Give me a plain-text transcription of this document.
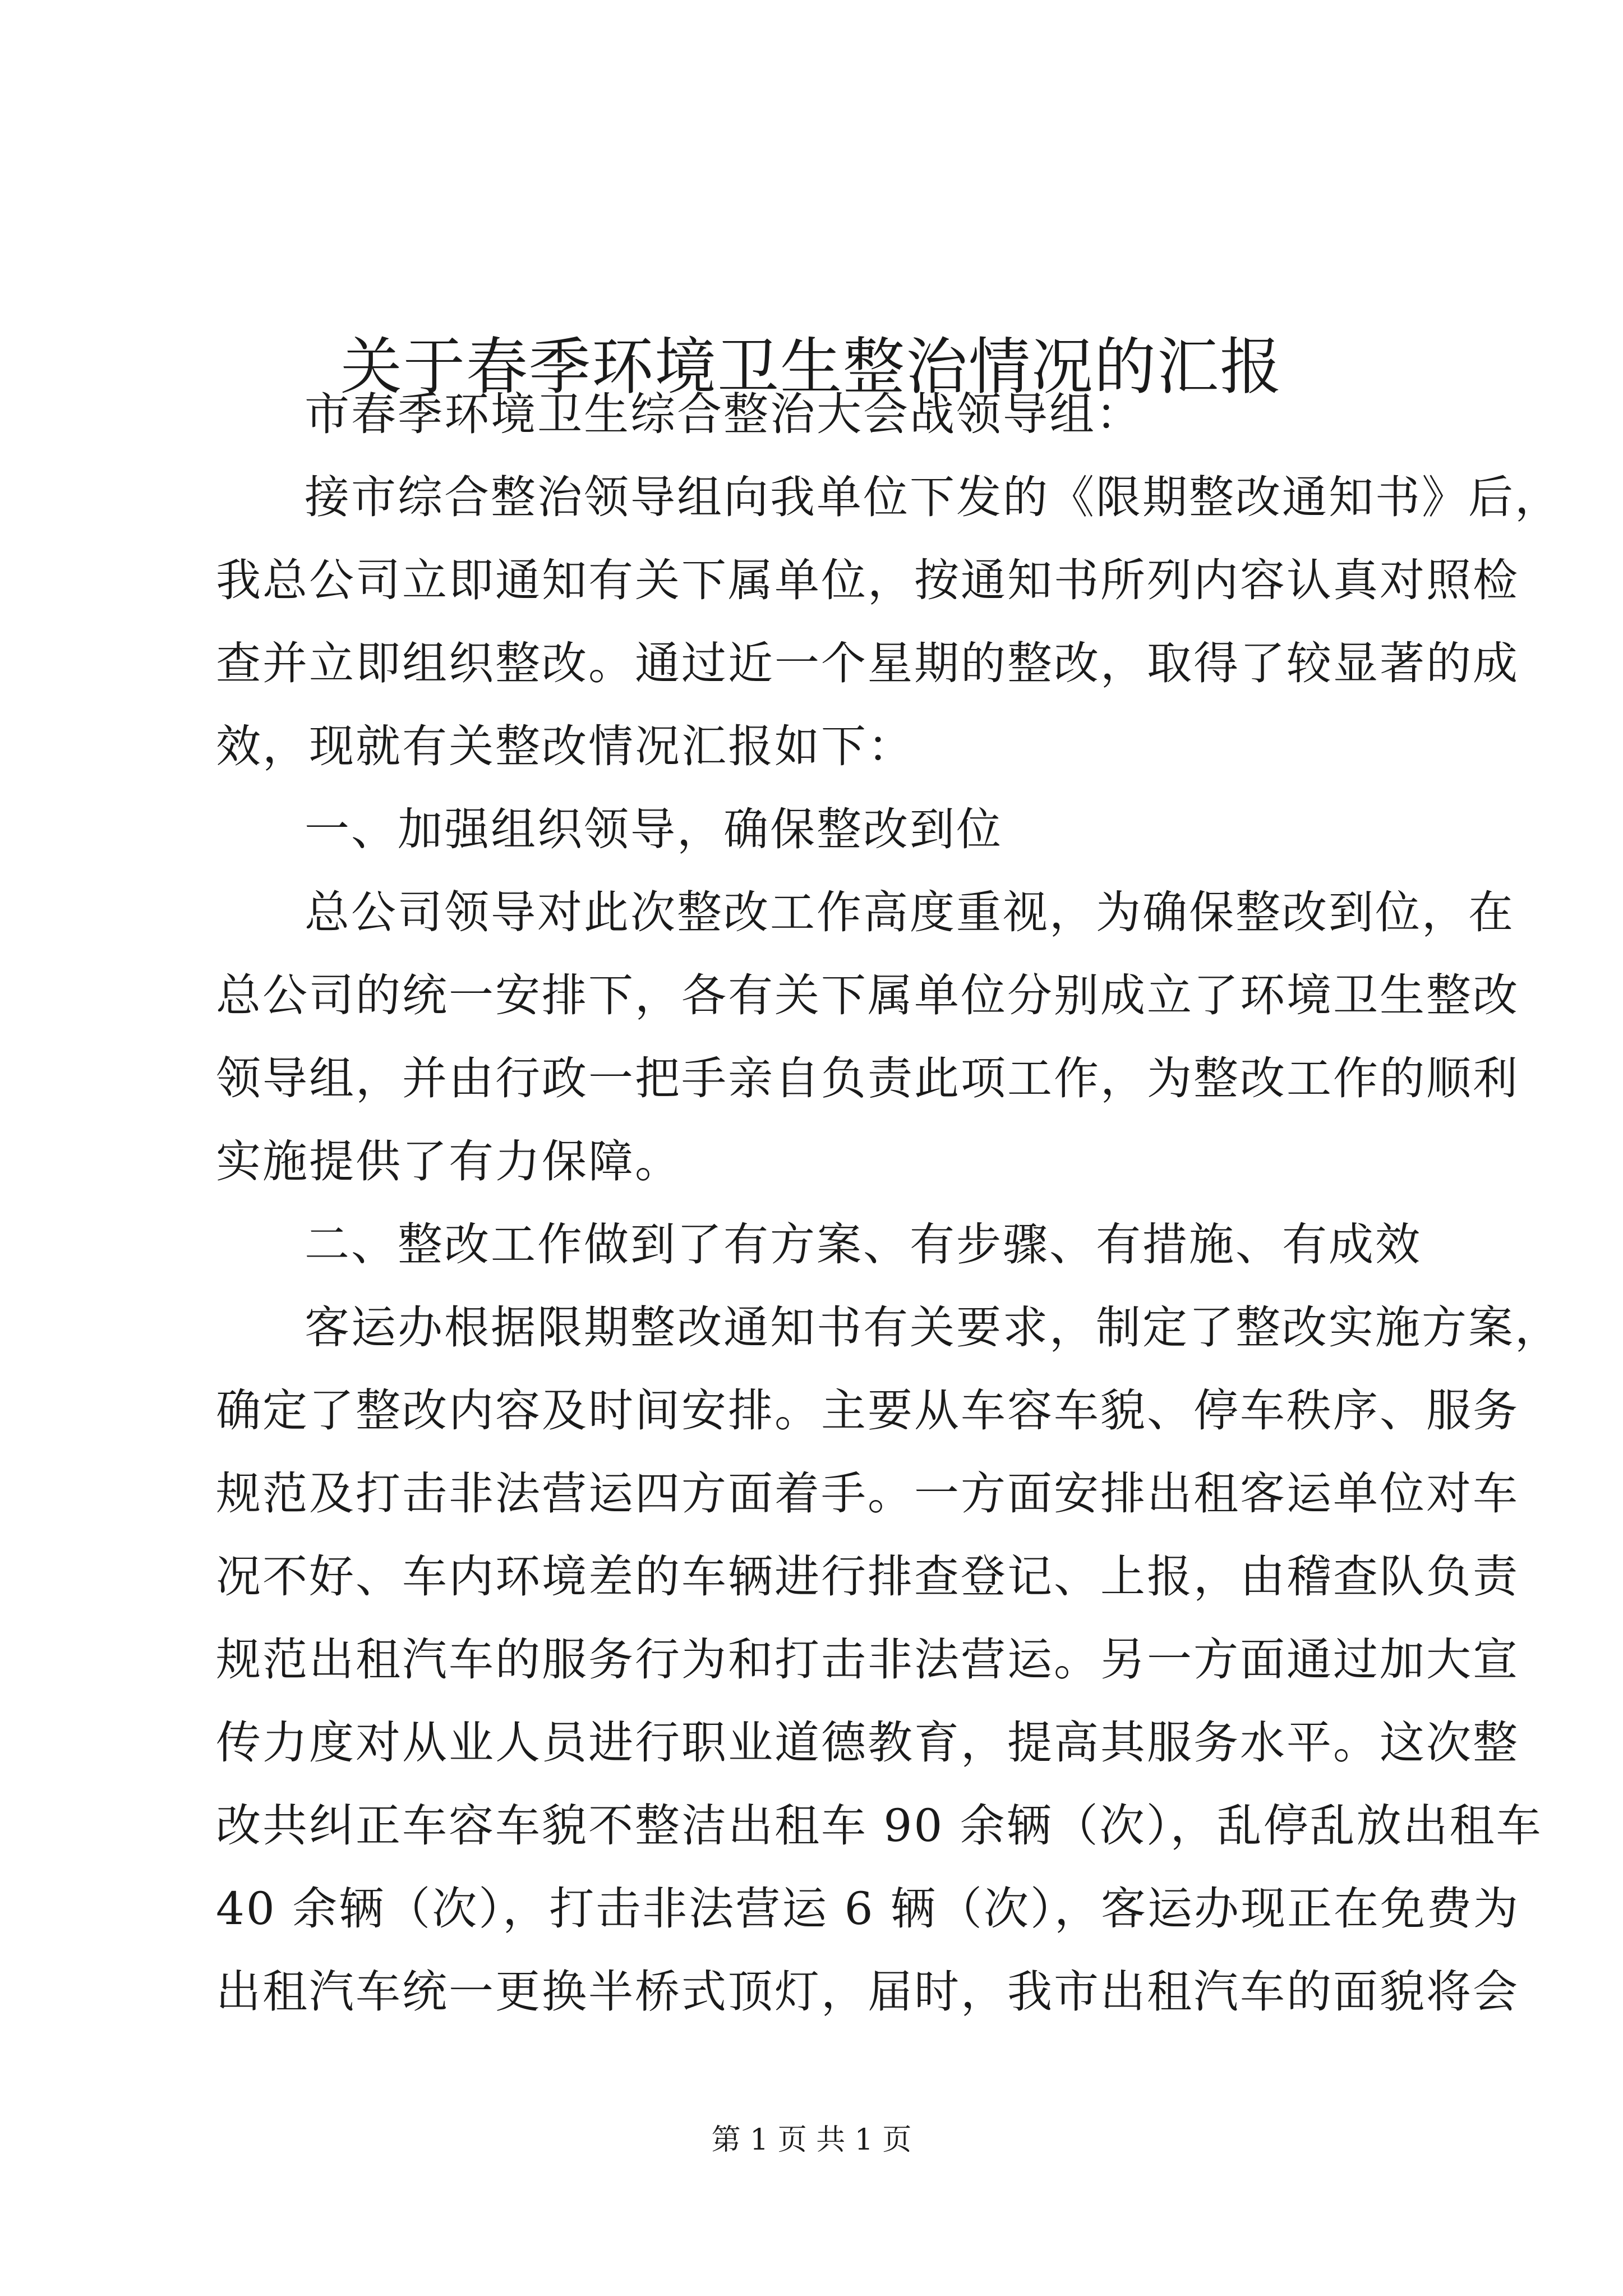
关于春季环境卫生整治情况的汇报

市春季环境卫生综合整治大会战领导组：

接市综合整治领导组向我单位下发的《限期整改通知书》后，
我总公司立即通知有关下属单位，按通知书所列内容认真对照检
查并立即组织整改。通过近一个星期的整改，取得了较显著的成
效，现就有关整改情况汇报如下：

一、加强组织领导，确保整改到位

总公司领导对此次整改工作高度重视，为确保整改到位，在
总公司的统一安排下，各有关下属单位分别成立了环境卫生整改
领导组，并由行政一把手亲自负责此项工作，为整改工作的顺利
实施提供了有力保障。

二、整改工作做到了有方案、有步骤、有措施、有成效

客运办根据限期整改通知书有关要求，制定了整改实施方案，
确定了整改内容及时间安排。主要从车容车貌、停车秩序、服务
规范及打击非法营运四方面着手。一方面安排出租客运单位对车
况不好、车内环境差的车辆进行排查登记、上报，由稽查队负责
规范出租汽车的服务行为和打击非法营运。另一方面通过加大宣
传力度对从业人员进行职业道德教育，提高其服务水平。这次整
改共纠正车容车貌不整洁出租车 90 余辆（次），乱停乱放出租车
40 余辆（次），打击非法营运 6 辆（次），客运办现正在免费为
出租汽车统一更换半桥式顶灯，届时，我市出租汽车的面貌将会

第 1 页 共 1 页
